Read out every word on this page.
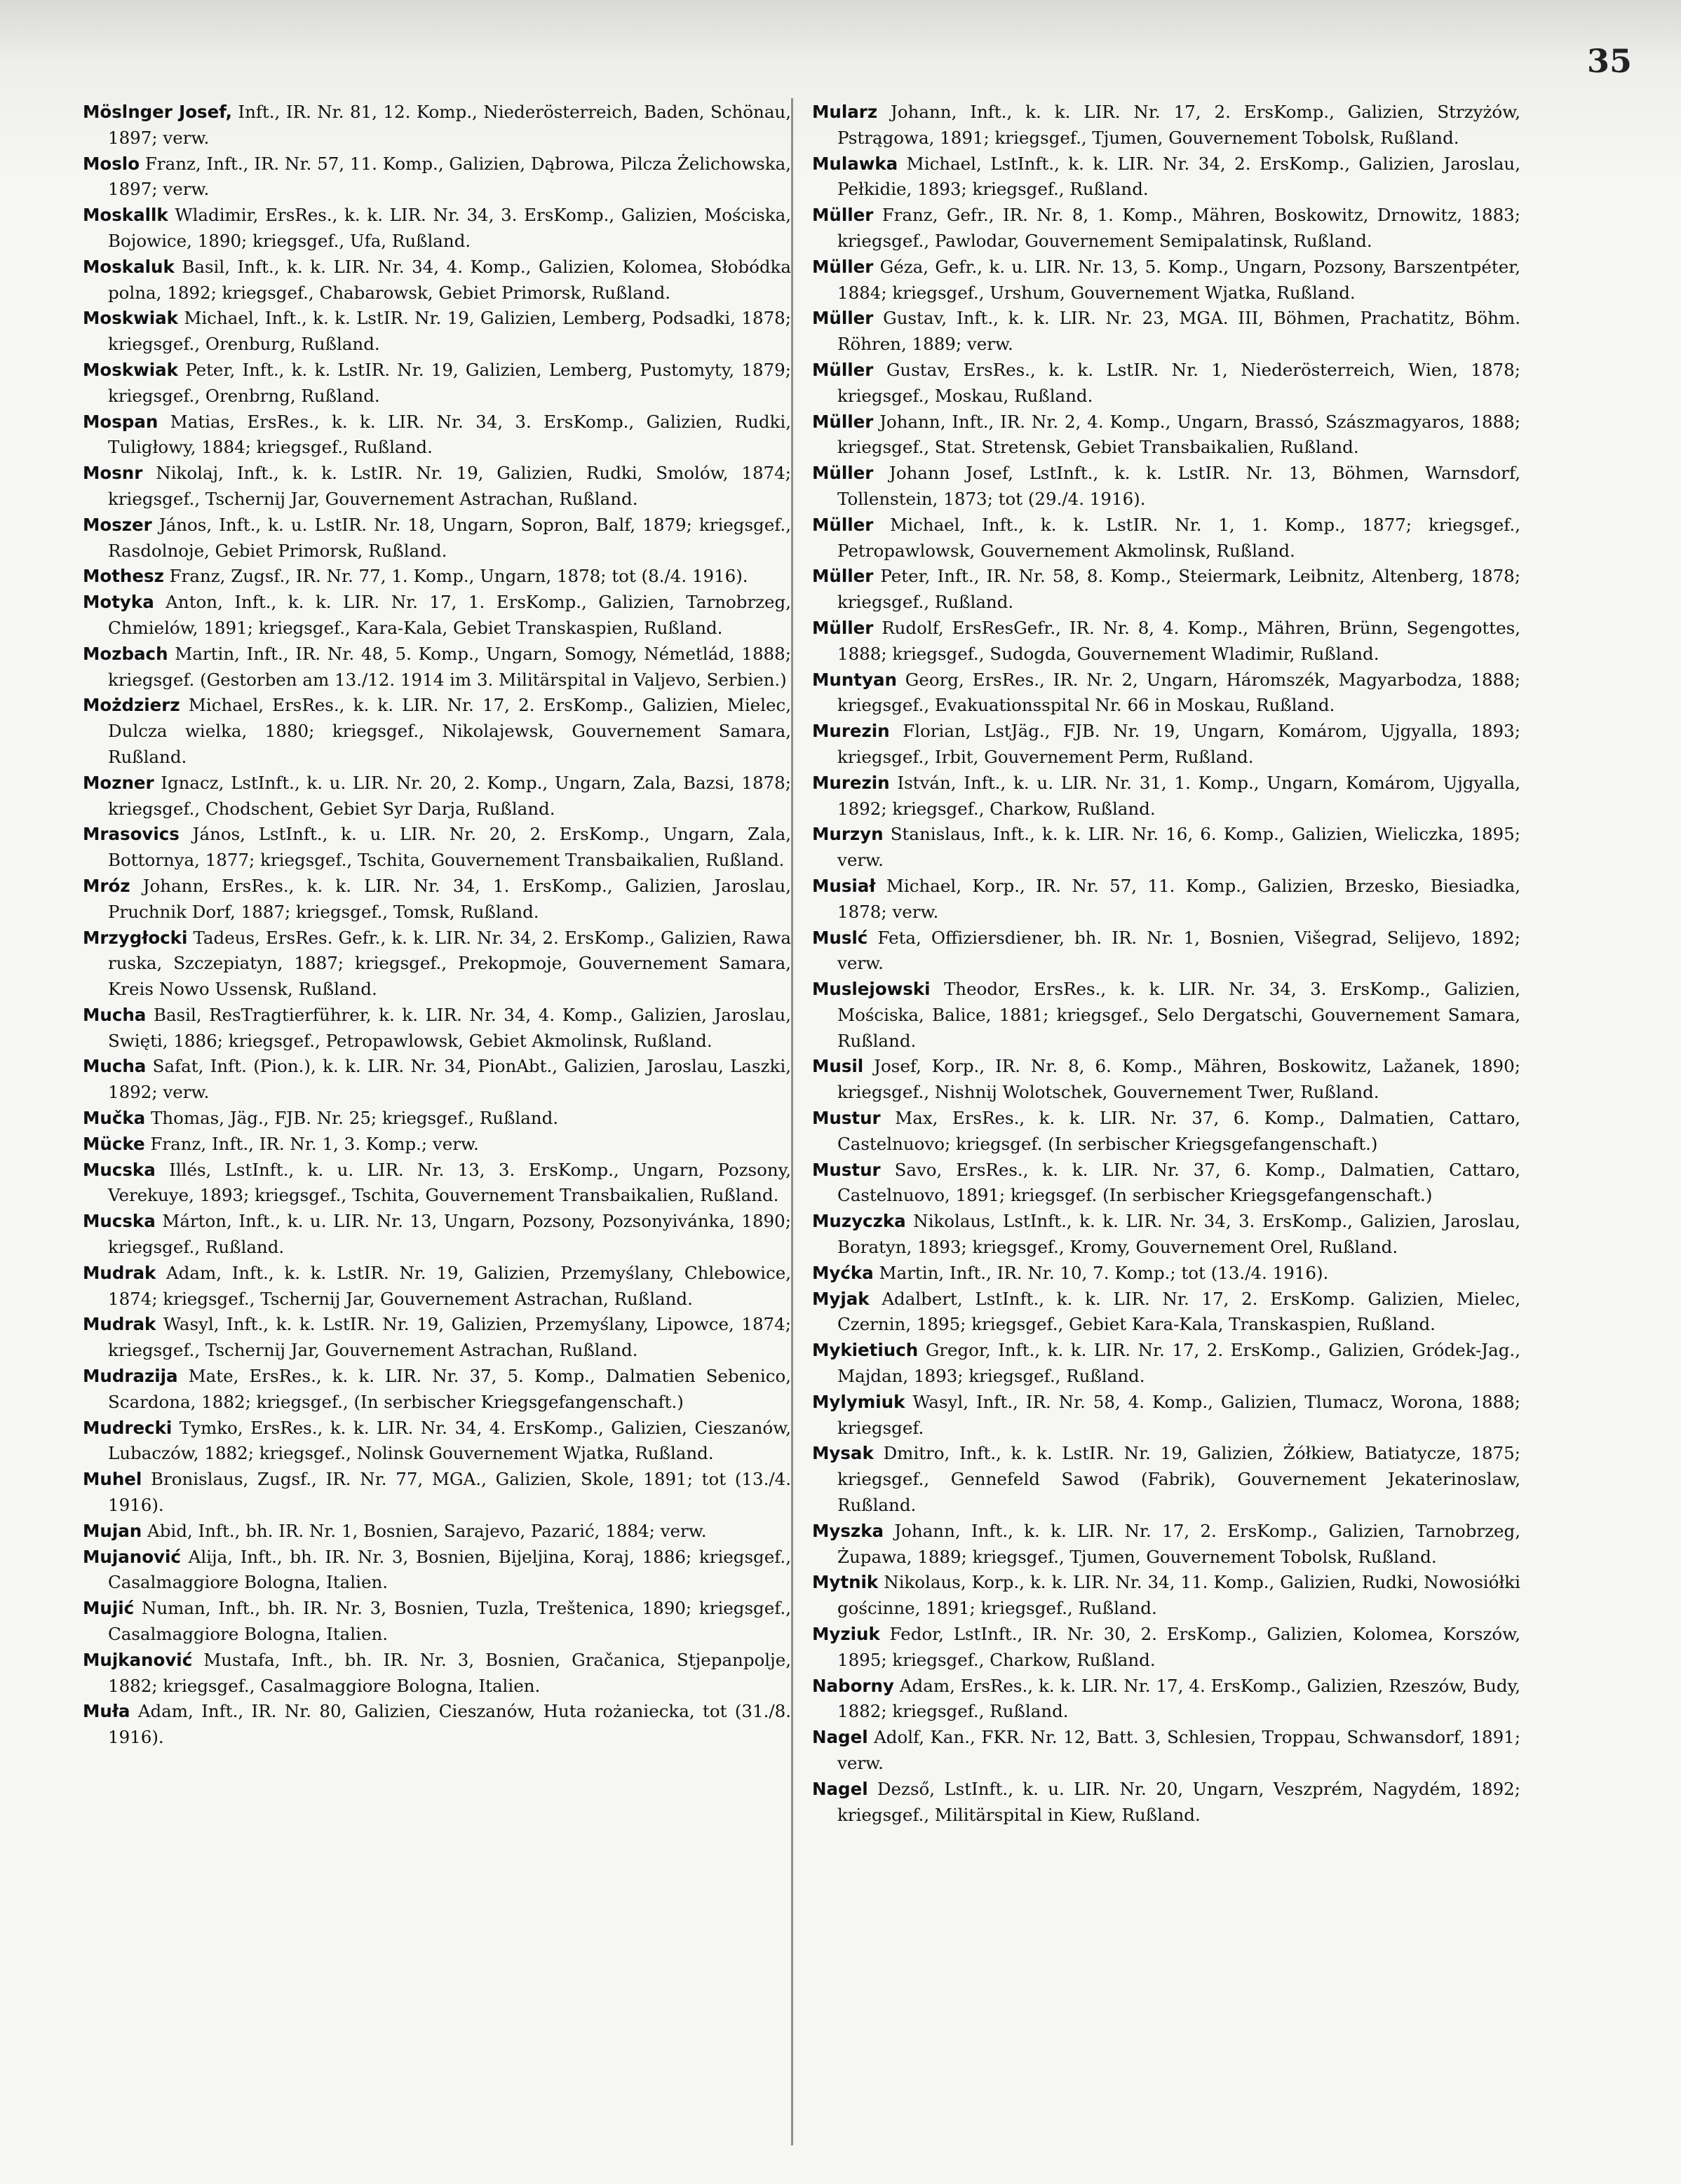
35

Möslnger Josef, Inft., IR. Nr. 81, 12. Komp., Niederösterreich, Baden, Schönau, 1897; verw.

Moslo Franz, Inft., IR. Nr. 57, 11. Komp., Galizien, Dąbrowa, Pilcza Żelichowska, 1897; verw.

Moskallk Wladimir, ErsRes., k. k. LIR. Nr. 34, 3. ErsKomp., Galizien, Mościska, Bojowice, 1890; kriegsgef., Ufa, Rußland.

Moskaluk Basil, Inft., k. k. LIR. Nr. 34, 4. Komp., Galizien, Kolomea, Słobódka polna, 1892; kriegsgef., Chabarowsk, Gebiet Primorsk, Rußland.

Moskwiak Michael, Inft., k. k. LstIR. Nr. 19, Galizien, Lemberg, Podsadki, 1878; kriegsgef., Orenburg, Rußland.

Moskwiak Peter, Inft., k. k. LstIR. Nr. 19, Galizien, Lemberg, Pustomyty, 1879; kriegsgef., Orenbrng, Rußland.

Mospan Matias, ErsRes., k. k. LIR. Nr. 34, 3. ErsKomp., Galizien, Rudki, Tuligłowy, 1884; kriegsgef., Rußland.

Mosnr Nikolaj, Inft., k. k. LstIR. Nr. 19, Galizien, Rudki, Smolów, 1874; kriegsgef., Tschernij Jar, Gouvernement Astrachan, Rußland.

Moszer János, Inft., k. u. LstIR. Nr. 18, Ungarn, Sopron, Balf, 1879; kriegsgef., Rasdolnoje, Gebiet Primorsk, Rußland.

Mothesz Franz, Zugsf., IR. Nr. 77, 1. Komp., Ungarn, 1878; tot (8./4. 1916).

Motyka Anton, Inft., k. k. LIR. Nr. 17, 1. ErsKomp., Galizien, Tarnobrzeg, Chmielów, 1891; kriegsgef., Kara-Kala, Gebiet Transkaspien, Rußland.

Mozbach Martin, Inft., IR. Nr. 48, 5. Komp., Ungarn, Somogy, Németlád, 1888; kriegsgef. (Gestorben am 13./12. 1914 im 3. Militärspital in Valjevo, Serbien.)

Możdzierz Michael, ErsRes., k. k. LIR. Nr. 17, 2. ErsKomp., Galizien, Mielec, Dulcza wielka, 1880; kriegsgef., Nikolajewsk, Gouvernement Samara, Rußland.

Mozner Ignacz, LstInft., k. u. LIR. Nr. 20, 2. Komp., Ungarn, Zala, Bazsi, 1878; kriegsgef., Chodschent, Gebiet Syr Darja, Rußland.

Mrasovics János, LstInft., k. u. LIR. Nr. 20, 2. ErsKomp., Ungarn, Zala, Bottornya, 1877; kriegsgef., Tschita, Gouvernement Transbaikalien, Rußland.

Mróz Johann, ErsRes., k. k. LIR. Nr. 34, 1. ErsKomp., Galizien, Jaroslau, Pruchnik Dorf, 1887; kriegsgef., Tomsk, Rußland.

Mrzygłocki Tadeus, ErsRes. Gefr., k. k. LIR. Nr. 34, 2. ErsKomp., Galizien, Rawa ruska, Szczepiatyn, 1887; kriegsgef., Prekopmoje, Gouvernement Samara, Kreis Nowo Ussensk, Rußland.

Mucha Basil, ResTragtierführer, k. k. LIR. Nr. 34, 4. Komp., Galizien, Jaroslau, Swięti, 1886; kriegsgef., Petropawlowsk, Gebiet Akmolinsk, Rußland.

Mucha Safat, Inft. (Pion.), k. k. LIR. Nr. 34, PionAbt., Galizien, Jaroslau, Laszki, 1892; verw.

Mučka Thomas, Jäg., FJB. Nr. 25; kriegsgef., Rußland.

Mücke Franz, Inft., IR. Nr. 1, 3. Komp.; verw.

Mucska Illés, LstInft., k. u. LIR. Nr. 13, 3. ErsKomp., Ungarn, Pozsony, Verekuye, 1893; kriegsgef., Tschita, Gouvernement Transbaikalien, Rußland.

Mucska Márton, Inft., k. u. LIR. Nr. 13, Ungarn, Pozsony, Pozsonyivánka, 1890; kriegsgef., Rußland.

Mudrak Adam, Inft., k. k. LstIR. Nr. 19, Galizien, Przemyślany, Chlebowice, 1874; kriegsgef., Tschernij Jar, Gouvernement Astrachan, Rußland.

Mudrak Wasyl, Inft., k. k. LstIR. Nr. 19, Galizien, Przemyślany, Lipowce, 1874; kriegsgef., Tschernij Jar, Gouvernement Astrachan, Rußland.

Mudrazija Mate, ErsRes., k. k. LIR. Nr. 37, 5. Komp., Dalmatien Sebenico, Scardona, 1882; kriegsgef., (In serbischer Kriegsgefangenschaft.)

Mudrecki Tymko, ErsRes., k. k. LIR. Nr. 34, 4. ErsKomp., Galizien, Cieszanów, Lubaczów, 1882; kriegsgef., Nolinsk Gouvernement Wjatka, Rußland.

Muhel Bronislaus, Zugsf., IR. Nr. 77, MGA., Galizien, Skole, 1891; tot (13./4. 1916).

Mujan Abid, Inft., bh. IR. Nr. 1, Bosnien, Sarajevo, Pazarić, 1884; verw.

Mujanović Alija, Inft., bh. IR. Nr. 3, Bosnien, Bijeljina, Koraj, 1886; kriegsgef., Casalmaggiore Bologna, Italien.

Mujić Numan, Inft., bh. IR. Nr. 3, Bosnien, Tuzla, Treštenica, 1890; kriegsgef., Casalmaggiore Bologna, Italien.

Mujkanović Mustafa, Inft., bh. IR. Nr. 3, Bosnien, Gračanica, Stjepanpolje, 1882; kriegsgef., Casalmaggiore Bologna, Italien.

Muła Adam, Inft., IR. Nr. 80, Galizien, Cieszanów, Huta rożaniecka, tot (31./8. 1916).

Mularz Johann, Inft., k. k. LIR. Nr. 17, 2. ErsKomp., Galizien, Strzyżów, Pstrągowa, 1891; kriegsgef., Tjumen, Gouvernement Tobolsk, Rußland.

Mulawka Michael, LstInft., k. k. LIR. Nr. 34, 2. ErsKomp., Galizien, Jaroslau, Pełkidie, 1893; kriegsgef., Rußland.

Müller Franz, Gefr., IR. Nr. 8, 1. Komp., Mähren, Boskowitz, Drnowitz, 1883; kriegsgef., Pawlodar, Gouvernement Semipalatinsk, Rußland.

Müller Géza, Gefr., k. u. LIR. Nr. 13, 5. Komp., Ungarn, Pozsony, Barszentpéter, 1884; kriegsgef., Urshum, Gouvernement Wjatka, Rußland.

Müller Gustav, Inft., k. k. LIR. Nr. 23, MGA. III, Böhmen, Prachatitz, Böhm. Röhren, 1889; verw.

Müller Gustav, ErsRes., k. k. LstIR. Nr. 1, Niederösterreich, Wien, 1878; kriegsgef., Moskau, Rußland.

Müller Johann, Inft., IR. Nr. 2, 4. Komp., Ungarn, Brassó, Szászmagyaros, 1888; kriegsgef., Stat. Stretensk, Gebiet Transbaikalien, Rußland.

Müller Johann Josef, LstInft., k. k. LstIR. Nr. 13, Böhmen, Warnsdorf, Tollenstein, 1873; tot (29./4. 1916).

Müller Michael, Inft., k. k. LstIR. Nr. 1, 1. Komp., 1877; kriegsgef., Petropawlowsk, Gouvernement Akmolinsk, Rußland.

Müller Peter, Inft., IR. Nr. 58, 8. Komp., Steiermark, Leibnitz, Altenberg, 1878; kriegsgef., Rußland.

Müller Rudolf, ErsResGefr., IR. Nr. 8, 4. Komp., Mähren, Brünn, Segengottes, 1888; kriegsgef., Sudogda, Gouvernement Wladimir, Rußland.

Muntyan Georg, ErsRes., IR. Nr. 2, Ungarn, Háromszék, Magyarbodza, 1888; kriegsgef., Evakuationsspital Nr. 66 in Moskau, Rußland.

Murezin Florian, LstJäg., FJB. Nr. 19, Ungarn, Komárom, Ujgyalla, 1893; kriegsgef., Irbit, Gouvernement Perm, Rußland.

Murezin István, Inft., k. u. LIR. Nr. 31, 1. Komp., Ungarn, Komárom, Ujgyalla, 1892; kriegsgef., Charkow, Rußland.

Murzyn Stanislaus, Inft., k. k. LIR. Nr. 16, 6. Komp., Galizien, Wieliczka, 1895; verw.

Musiał Michael, Korp., IR. Nr. 57, 11. Komp., Galizien, Brzesko, Biesiadka, 1878; verw.

Muslć Feta, Offiziersdiener, bh. IR. Nr. 1, Bosnien, Višegrad, Selijevo, 1892; verw.

Muslejowski Theodor, ErsRes., k. k. LIR. Nr. 34, 3. ErsKomp., Galizien, Mościska, Balice, 1881; kriegsgef., Selo Dergatschi, Gouvernement Samara, Rußland.

Musil Josef, Korp., IR. Nr. 8, 6. Komp., Mähren, Boskowitz, Lažanek, 1890; kriegsgef., Nishnij Wolotschek, Gouvernement Twer, Rußland.

Mustur Max, ErsRes., k. k. LIR. Nr. 37, 6. Komp., Dalmatien, Cattaro, Castelnuovo; kriegsgef. (In serbischer Kriegsgefangenschaft.)

Mustur Savo, ErsRes., k. k. LIR. Nr. 37, 6. Komp., Dalmatien, Cattaro, Castelnuovo, 1891; kriegsgef. (In serbischer Kriegsgefangenschaft.)

Muzyczka Nikolaus, LstInft., k. k. LIR. Nr. 34, 3. ErsKomp., Galizien, Jaroslau, Boratyn, 1893; kriegsgef., Kromy, Gouvernement Orel, Rußland.

Myćka Martin, Inft., IR. Nr. 10, 7. Komp.; tot (13./4. 1916).

Myjak Adalbert, LstInft., k. k. LIR. Nr. 17, 2. ErsKomp. Galizien, Mielec, Czernin, 1895; kriegsgef., Gebiet Kara-Kala, Transkaspien, Rußland.

Mykietiuch Gregor, Inft., k. k. LIR. Nr. 17, 2. ErsKomp., Galizien, Gródek-Jag., Majdan, 1893; kriegsgef., Rußland.

Mylymiuk Wasyl, Inft., IR. Nr. 58, 4. Komp., Galizien, Tlumacz, Worona, 1888; kriegsgef.

Mysak Dmitro, Inft., k. k. LstIR. Nr. 19, Galizien, Żółkiew, Batiatycze, 1875; kriegsgef., Gennefeld Sawod (Fabrik), Gouvernement Jekaterinoslaw, Rußland.

Myszka Johann, Inft., k. k. LIR. Nr. 17, 2. ErsKomp., Galizien, Tarnobrzeg, Żupawa, 1889; kriegsgef., Tjumen, Gouvernement Tobolsk, Rußland.

Mytnik Nikolaus, Korp., k. k. LIR. Nr. 34, 11. Komp., Galizien, Rudki, Nowosiółki gościnne, 1891; kriegsgef., Rußland.

Myziuk Fedor, LstInft., IR. Nr. 30, 2. ErsKomp., Galizien, Kolomea, Korszów, 1895; kriegsgef., Charkow, Rußland.

Naborny Adam, ErsRes., k. k. LIR. Nr. 17, 4. ErsKomp., Galizien, Rzeszów, Budy, 1882; kriegsgef., Rußland.

Nagel Adolf, Kan., FKR. Nr. 12, Batt. 3, Schlesien, Troppau, Schwansdorf, 1891; verw.

Nagel Dezső, LstInft., k. u. LIR. Nr. 20, Ungarn, Veszprém, Nagydém, 1892; kriegsgef., Militärspital in Kiew, Rußland.
